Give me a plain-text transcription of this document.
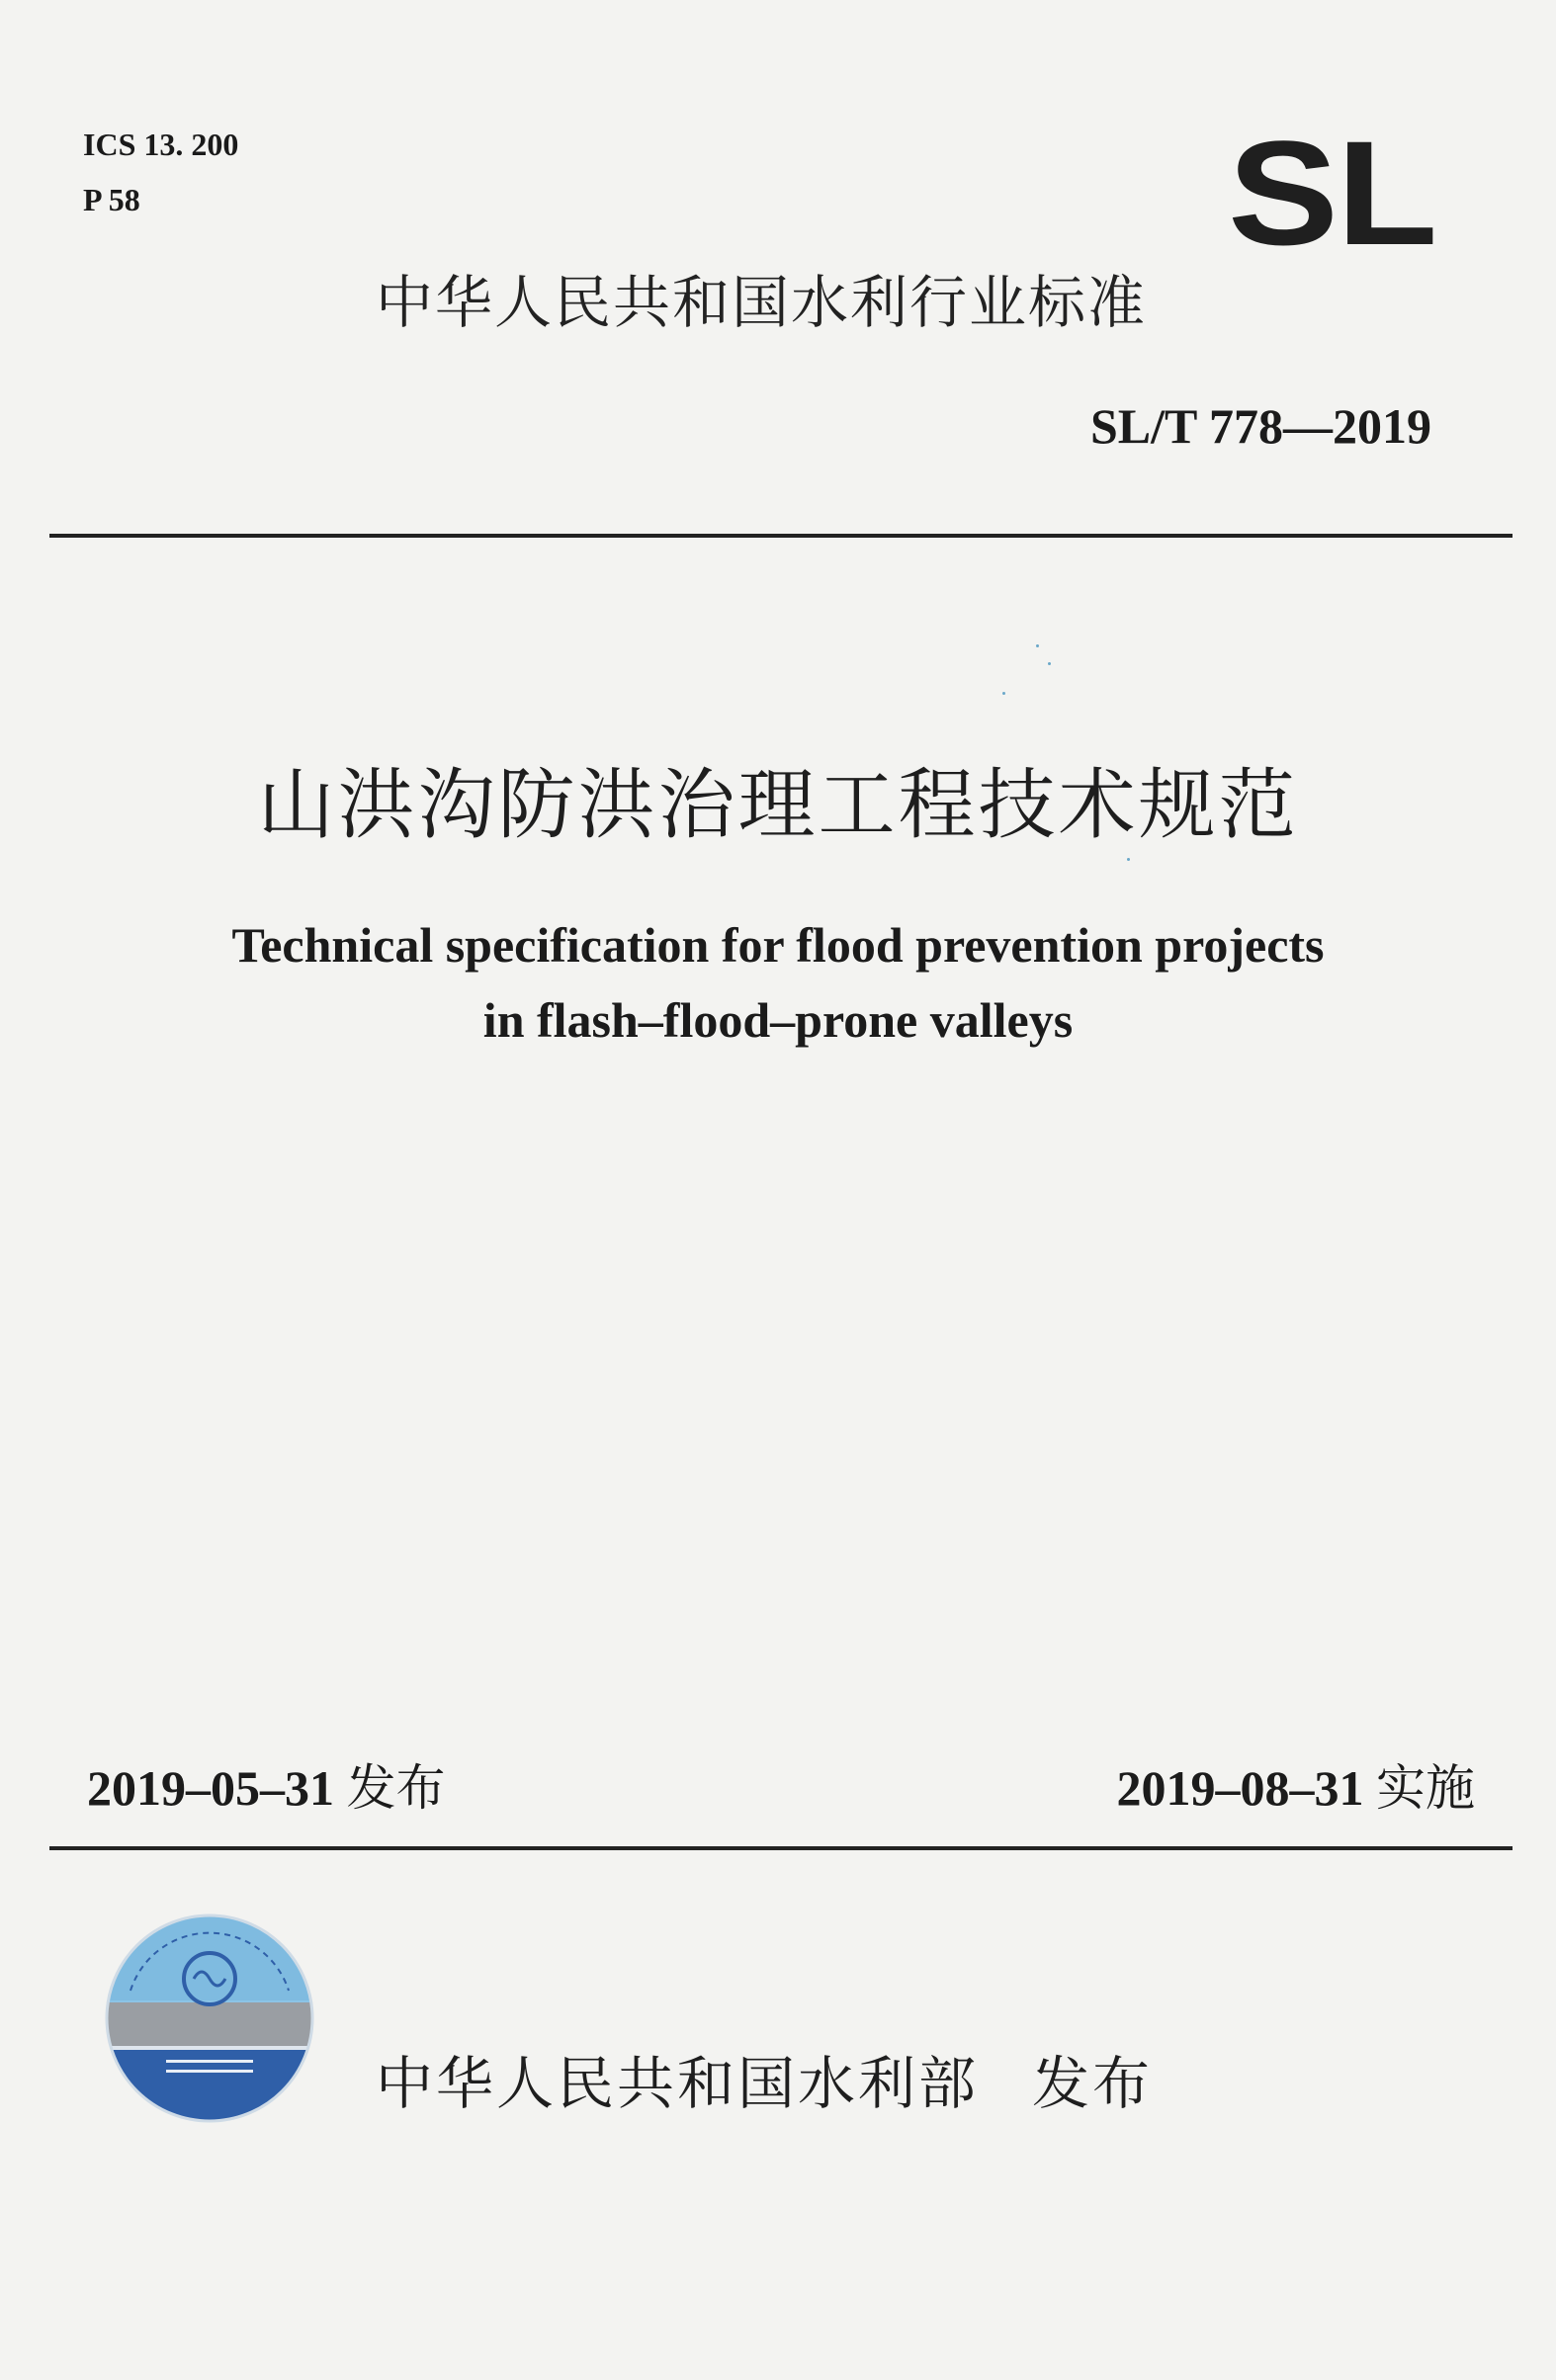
ICS 13. 200
P 58	SL
中华人民共和国水利行业标准
SL/T 778—2019
山洪沟防洪治理工程技术规范
Technical specification for flood prevention projects
in flash–flood–prone valleys
2019–05–31 发布	2019–08–31 实施
中华人民共和国水利部 发布
